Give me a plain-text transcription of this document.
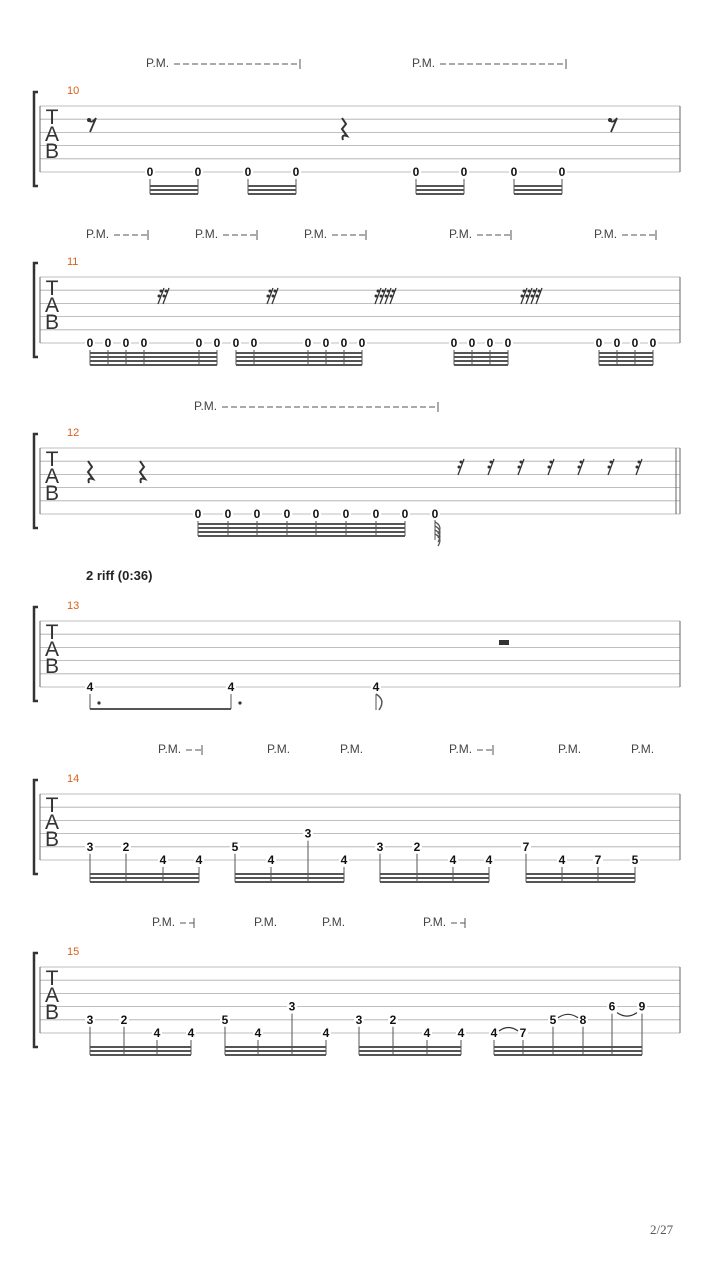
T
A
B
10
0	0	0	0	0	0	0	0
T
A
B
11
0 0 0 0	0 0 0 0	0 0 0 0	0 0 0 0	0 0 0 0
T
A
B
12
0 0 0 0 0 0 0 0 0
T
A
B
13
4	4	4
T
A
B
14
3 2
4 4
5
4
3
4
3	2
4 4
7
4 7	5
T
A
B
15
3 2
4 4
5
4
3
4
3 2
4 4 4 7
5 8
6 9
P.M.	P.M.
P.M.	P.M.	P.M.	P.M.	P.M.
P.M.
P.M.	P.M.	P.M.	P.M.	P.M.	P.M.
P.M.	P.M.	P.M.	P.M.
2 riff (0:36)
2/27
